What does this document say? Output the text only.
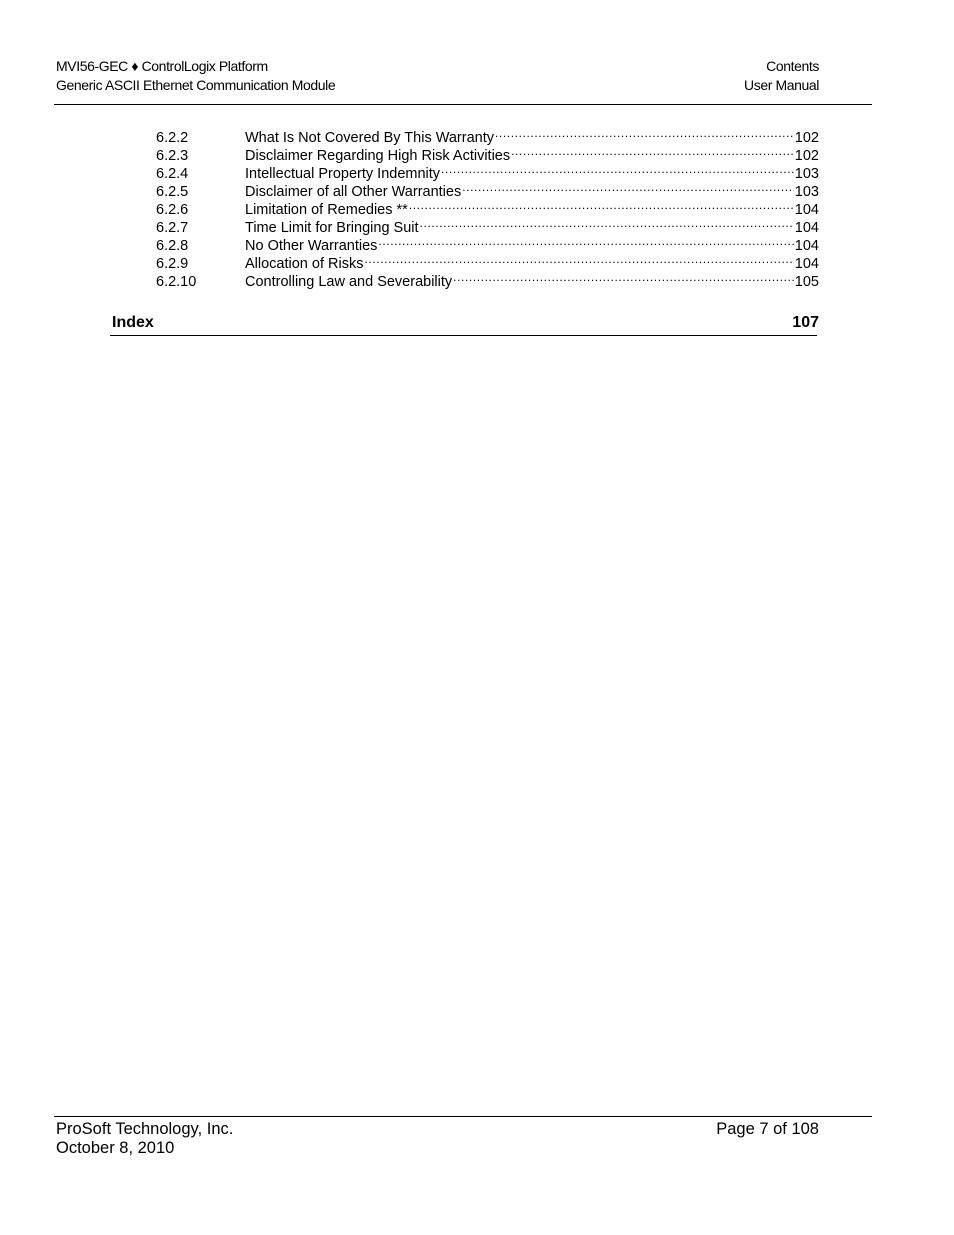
MVI56-GEC ♦ ControlLogix Platform	Contents
Generic ASCII Ethernet Communication Module	User Manual
6.2.2	What Is Not Covered By This Warranty .....	102
6.2.3	Disclaimer Regarding High Risk Activities .....	102
6.2.4	Intellectual Property Indemnity .....	103
6.2.5	Disclaimer of all Other Warranties .....	103
6.2.6	Limitation of Remedies ** .....	104
6.2.7	Time Limit for Bringing Suit .....	104
6.2.8	No Other Warranties .....	104
6.2.9	Allocation of Risks .....	104
6.2.10	Controlling Law and Severability .....	105
Index	107
ProSoft Technology, Inc.	Page 7 of 108
October 8, 2010
